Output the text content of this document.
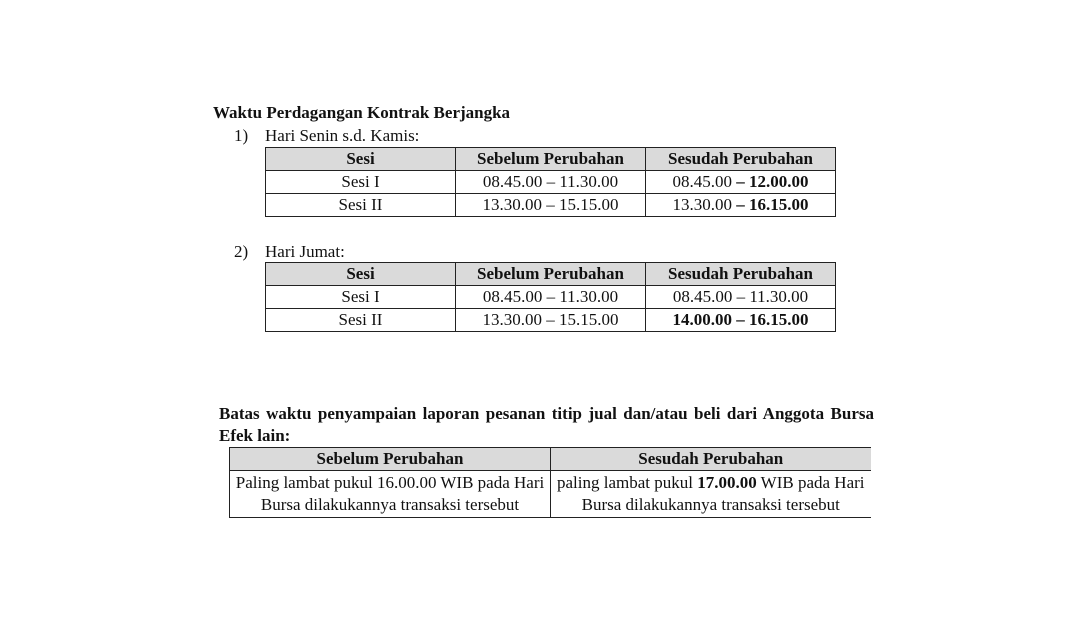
Waktu Perdagangan Kontrak Berjangka
1) Hari Senin s.d. Kamis:
Sesi	Sebelum Perubahan	Sesudah Perubahan
Sesi I	08.45.00 – 11.30.00	08.45.00 – 12.00.00
Sesi II	13.30.00 – 15.15.00	13.30.00 – 16.15.00
2) Hari Jumat:
Sesi	Sebelum Perubahan	Sesudah Perubahan
Sesi I	08.45.00 – 11.30.00	08.45.00 – 11.30.00
Sesi II	13.30.00 – 15.15.00	14.00.00 – 16.15.00
Batas waktu penyampaian laporan pesanan titip jual dan/atau beli dari Anggota Bursa Efek lain:
Sebelum Perubahan	Sesudah Perubahan
Paling lambat pukul 16.00.00 WIB pada Hari Bursa dilakukannya transaksi tersebut	paling lambat pukul 17.00.00 WIB pada Hari Bursa dilakukannya transaksi tersebut
